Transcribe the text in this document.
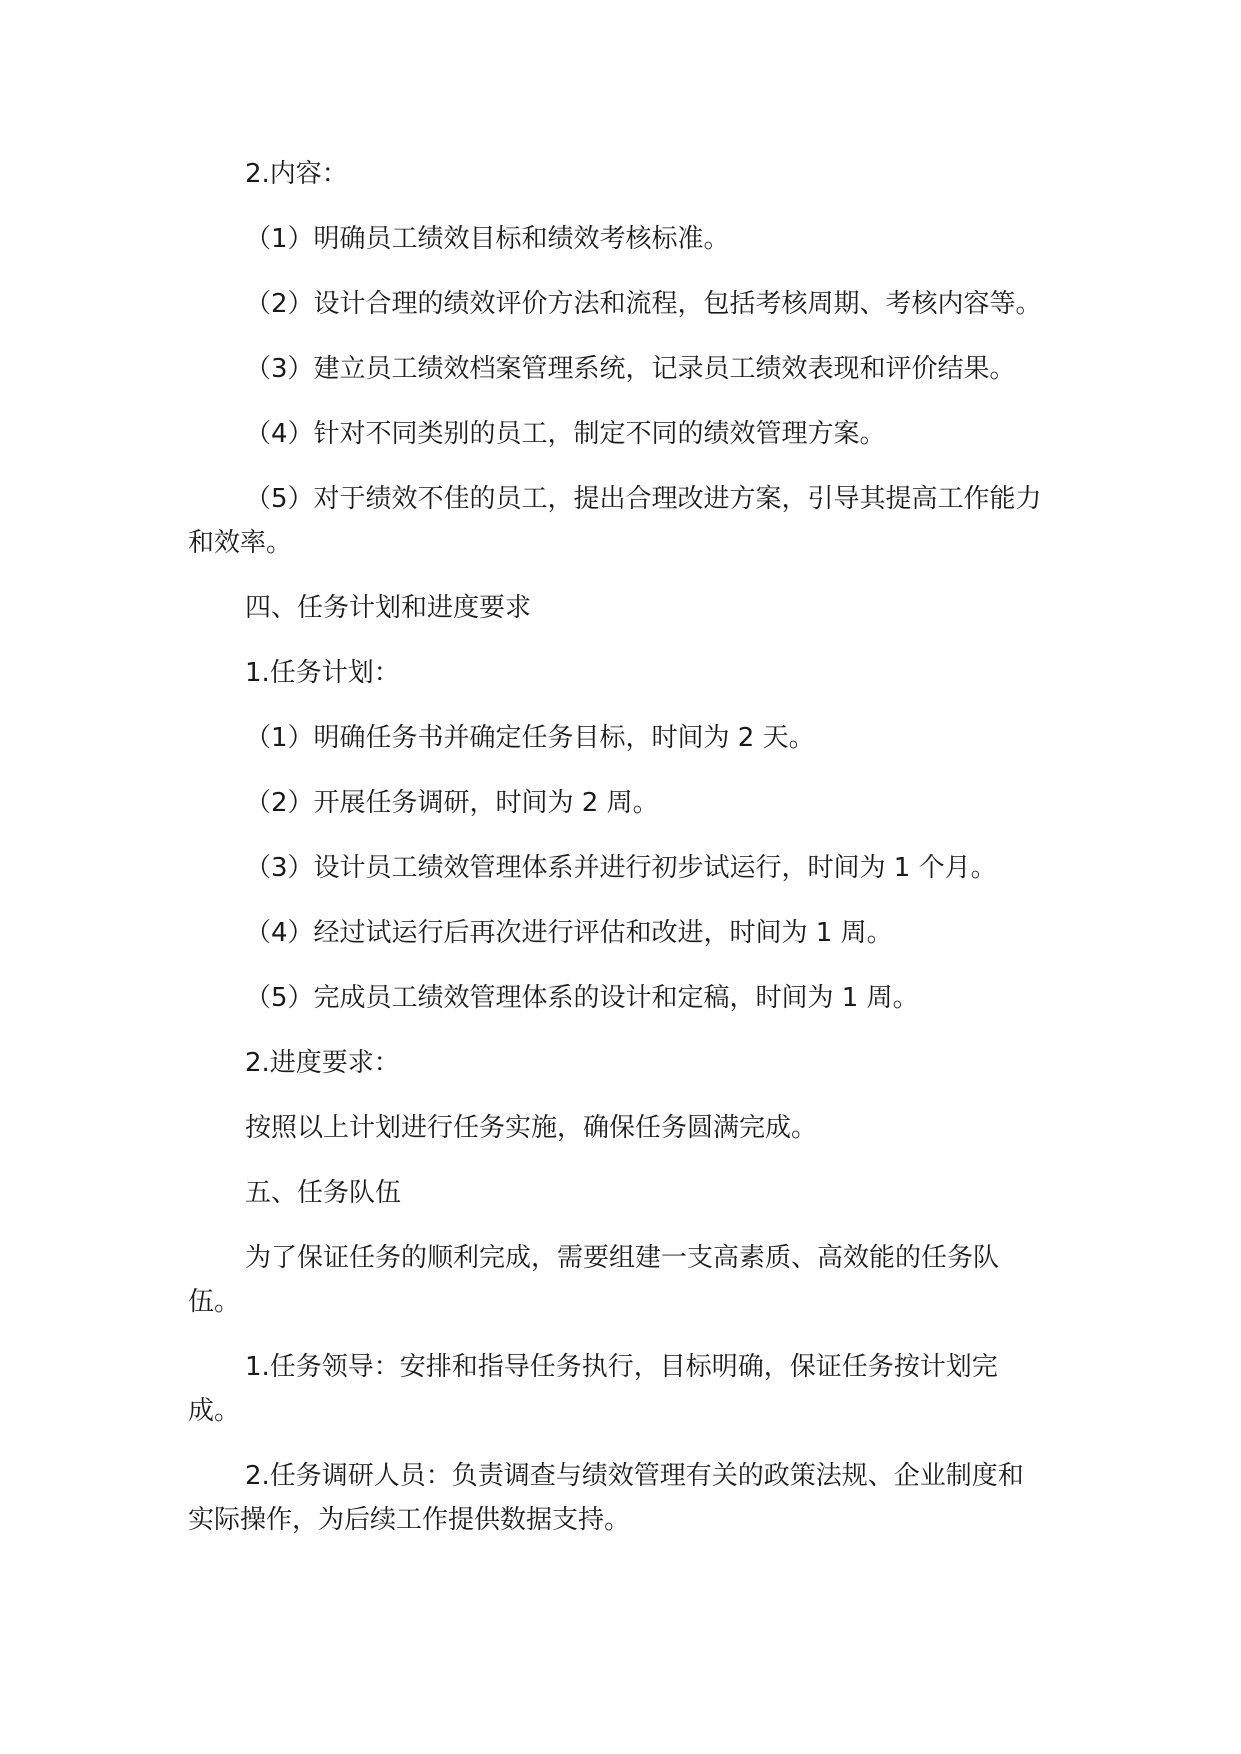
2.内容：

（1）明确员工绩效目标和绩效考核标准。

（2）设计合理的绩效评价方法和流程，包括考核周期、考核内容等。

（3）建立员工绩效档案管理系统，记录员工绩效表现和评价结果。

（4）针对不同类别的员工，制定不同的绩效管理方案。

（5）对于绩效不佳的员工，提出合理改进方案，引导其提高工作能力和效率。

四、任务计划和进度要求

1.任务计划：

（1）明确任务书并确定任务目标，时间为 2 天。

（2）开展任务调研，时间为 2 周。

（3）设计员工绩效管理体系并进行初步试运行，时间为 1 个月。

（4）经过试运行后再次进行评估和改进，时间为 1 周。

（5）完成员工绩效管理体系的设计和定稿，时间为 1 周。

2.进度要求：

按照以上计划进行任务实施，确保任务圆满完成。

五、任务队伍

为了保证任务的顺利完成，需要组建一支高素质、高效能的任务队伍。

1.任务领导：安排和指导任务执行，目标明确，保证任务按计划完成。

2.任务调研人员：负责调查与绩效管理有关的政策法规、企业制度和实际操作，为后续工作提供数据支持。
